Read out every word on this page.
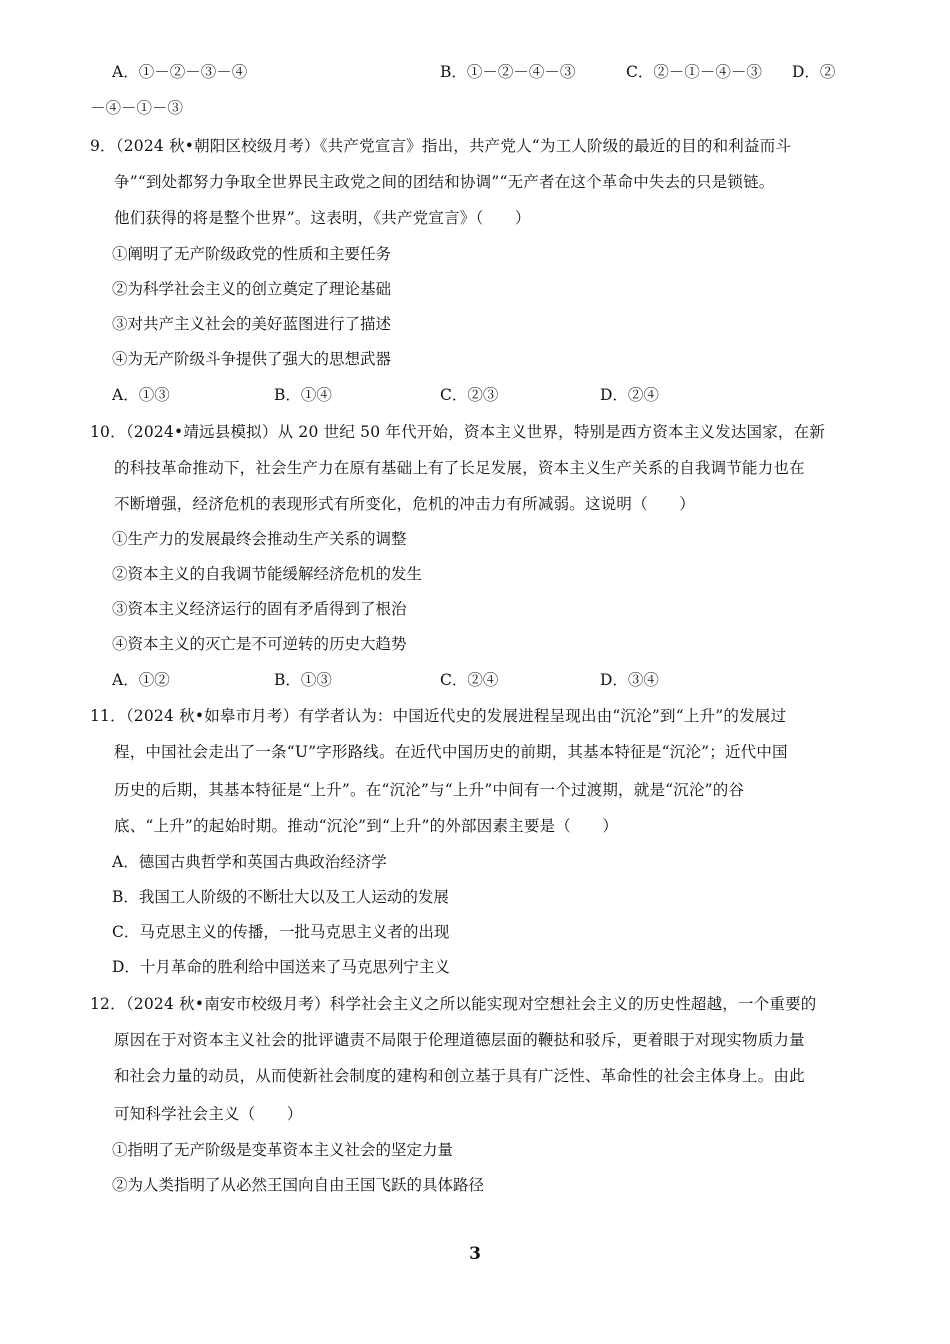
A．①－②－③－④	B．①－②－④－③	C．②－①－④－③ D．②
－④－①－③
9．（2024 秋•朝阳区校级月考）《共产党宣言》指出，共产党人“为工人阶级的最近的目的和利益而斗
争”“到处都努力争取全世界民主政党之间的团结和协调”“无产者在这个革命中失去的只是锁链。
他们获得的将是整个世界”。这表明，《共产党宣言》（　　）
①阐明了无产阶级政党的性质和主要任务
②为科学社会主义的创立奠定了理论基础
③对共产主义社会的美好蓝图进行了描述
④为无产阶级斗争提供了强大的思想武器
A．①③	B．①④	C．②③	D．②④
10．（2024•靖远县模拟）从 20 世纪 50 年代开始，资本主义世界，特别是西方资本主义发达国家，在新
的科技革命推动下，社会生产力在原有基础上有了长足发展，资本主义生产关系的自我调节能力也在
不断增强，经济危机的表现形式有所变化，危机的冲击力有所减弱。这说明（　　）
①生产力的发展最终会推动生产关系的调整
②资本主义的自我调节能缓解经济危机的发生
③资本主义经济运行的固有矛盾得到了根治
④资本主义的灭亡是不可逆转的历史大趋势
A．①②	B．①③	C．②④	D．③④
11．（2024 秋•如皋市月考）有学者认为：中国近代史的发展进程呈现出由“沉沦”到“上升”的发展过
程，中国社会走出了一条“U”字形路线。在近代中国历史的前期，其基本特征是“沉沦”；近代中国
历史的后期，其基本特征是“上升”。在“沉沦”与“上升”中间有一个过渡期，就是“沉沦”的谷
底、“上升”的起始时期。推动“沉沦”到“上升”的外部因素主要是（　　）
A．德国古典哲学和英国古典政治经济学
B．我国工人阶级的不断壮大以及工人运动的发展
C．马克思主义的传播，一批马克思主义者的出现
D．十月革命的胜利给中国送来了马克思列宁主义
12．（2024 秋•南安市校级月考）科学社会主义之所以能实现对空想社会主义的历史性超越，一个重要的
原因在于对资本主义社会的批评谴责不局限于伦理道德层面的鞭挞和驳斥，更着眼于对现实物质力量
和社会力量的动员，从而使新社会制度的建构和创立基于具有广泛性、革命性的社会主体身上。由此
可知科学社会主义（　　）
①指明了无产阶级是变革资本主义社会的坚定力量
②为人类指明了从必然王国向自由王国飞跃的具体路径
3
